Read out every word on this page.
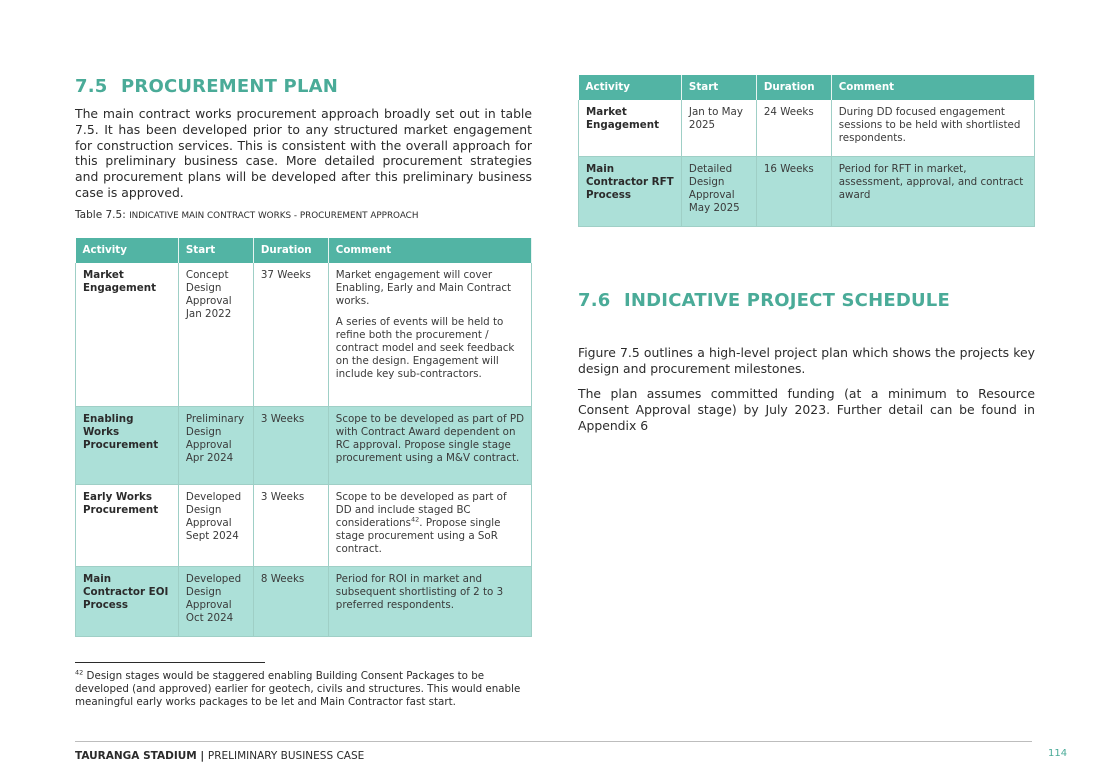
7.5 PROCUREMENT PLAN
The main contract works procurement approach broadly set out in table 7.5. It has been developed prior to any structured market engagement for construction services. This is consistent with the overall approach for this preliminary business case. More detailed procurement strategies and procurement plans will be developed after this preliminary business case is approved.
Table 7.5: INDICATIVE MAIN CONTRACT WORKS - PROCUREMENT APPROACH
Activity	Start	Duration	Comment
Market Engagement	Concept Design Approval Jan 2022	37 Weeks	Market engagement will cover Enabling, Early and Main Contract works.

A series of events will be held to refine both the procurement / contract model and seek feedback on the design. Engagement will include key sub-contractors.

Enabling Works Procurement	Preliminary Design Approval Apr 2024	3 Weeks	Scope to be developed as part of PD with Contract Award dependent on RC approval. Propose single stage procurement using a M&V contract.
Early Works Procurement	Developed Design Approval Sept 2024	3 Weeks	Scope to be developed as part of DD and include staged BC considerations$^{42}$. Propose single stage procurement using a SoR contract.
Main Contractor EOI Process	Developed Design Approval Oct 2024	8 Weeks	Period for ROI in market and subsequent shortlisting of 2 to 3 preferred respondents.
Activity	Start	Duration	Comment
Market Engagement	Jan to May 2025	24 Weeks	During DD focused engagement sessions to be held with shortlisted respondents.
Main Contractor RFT Process	Detailed Design Approval May 2025	16 Weeks	Period for RFT in market, assessment, approval, and contract award
7.6 INDICATIVE PROJECT SCHEDULE
Figure 7.5 outlines a high-level project plan which shows the projects key design and procurement milestones.
The plan assumes committed funding (at a minimum to Resource Consent Approval stage) by July 2023. Further detail can be found in Appendix 6
$^{42}$ Design stages would be staggered enabling Building Consent Packages to be developed (and approved) earlier for geotech, civils and structures. This would enable meaningful early works packages to be let and Main Contractor fast start.
TAURANGA STADIUM | PRELIMINARY BUSINESS CASE	114
